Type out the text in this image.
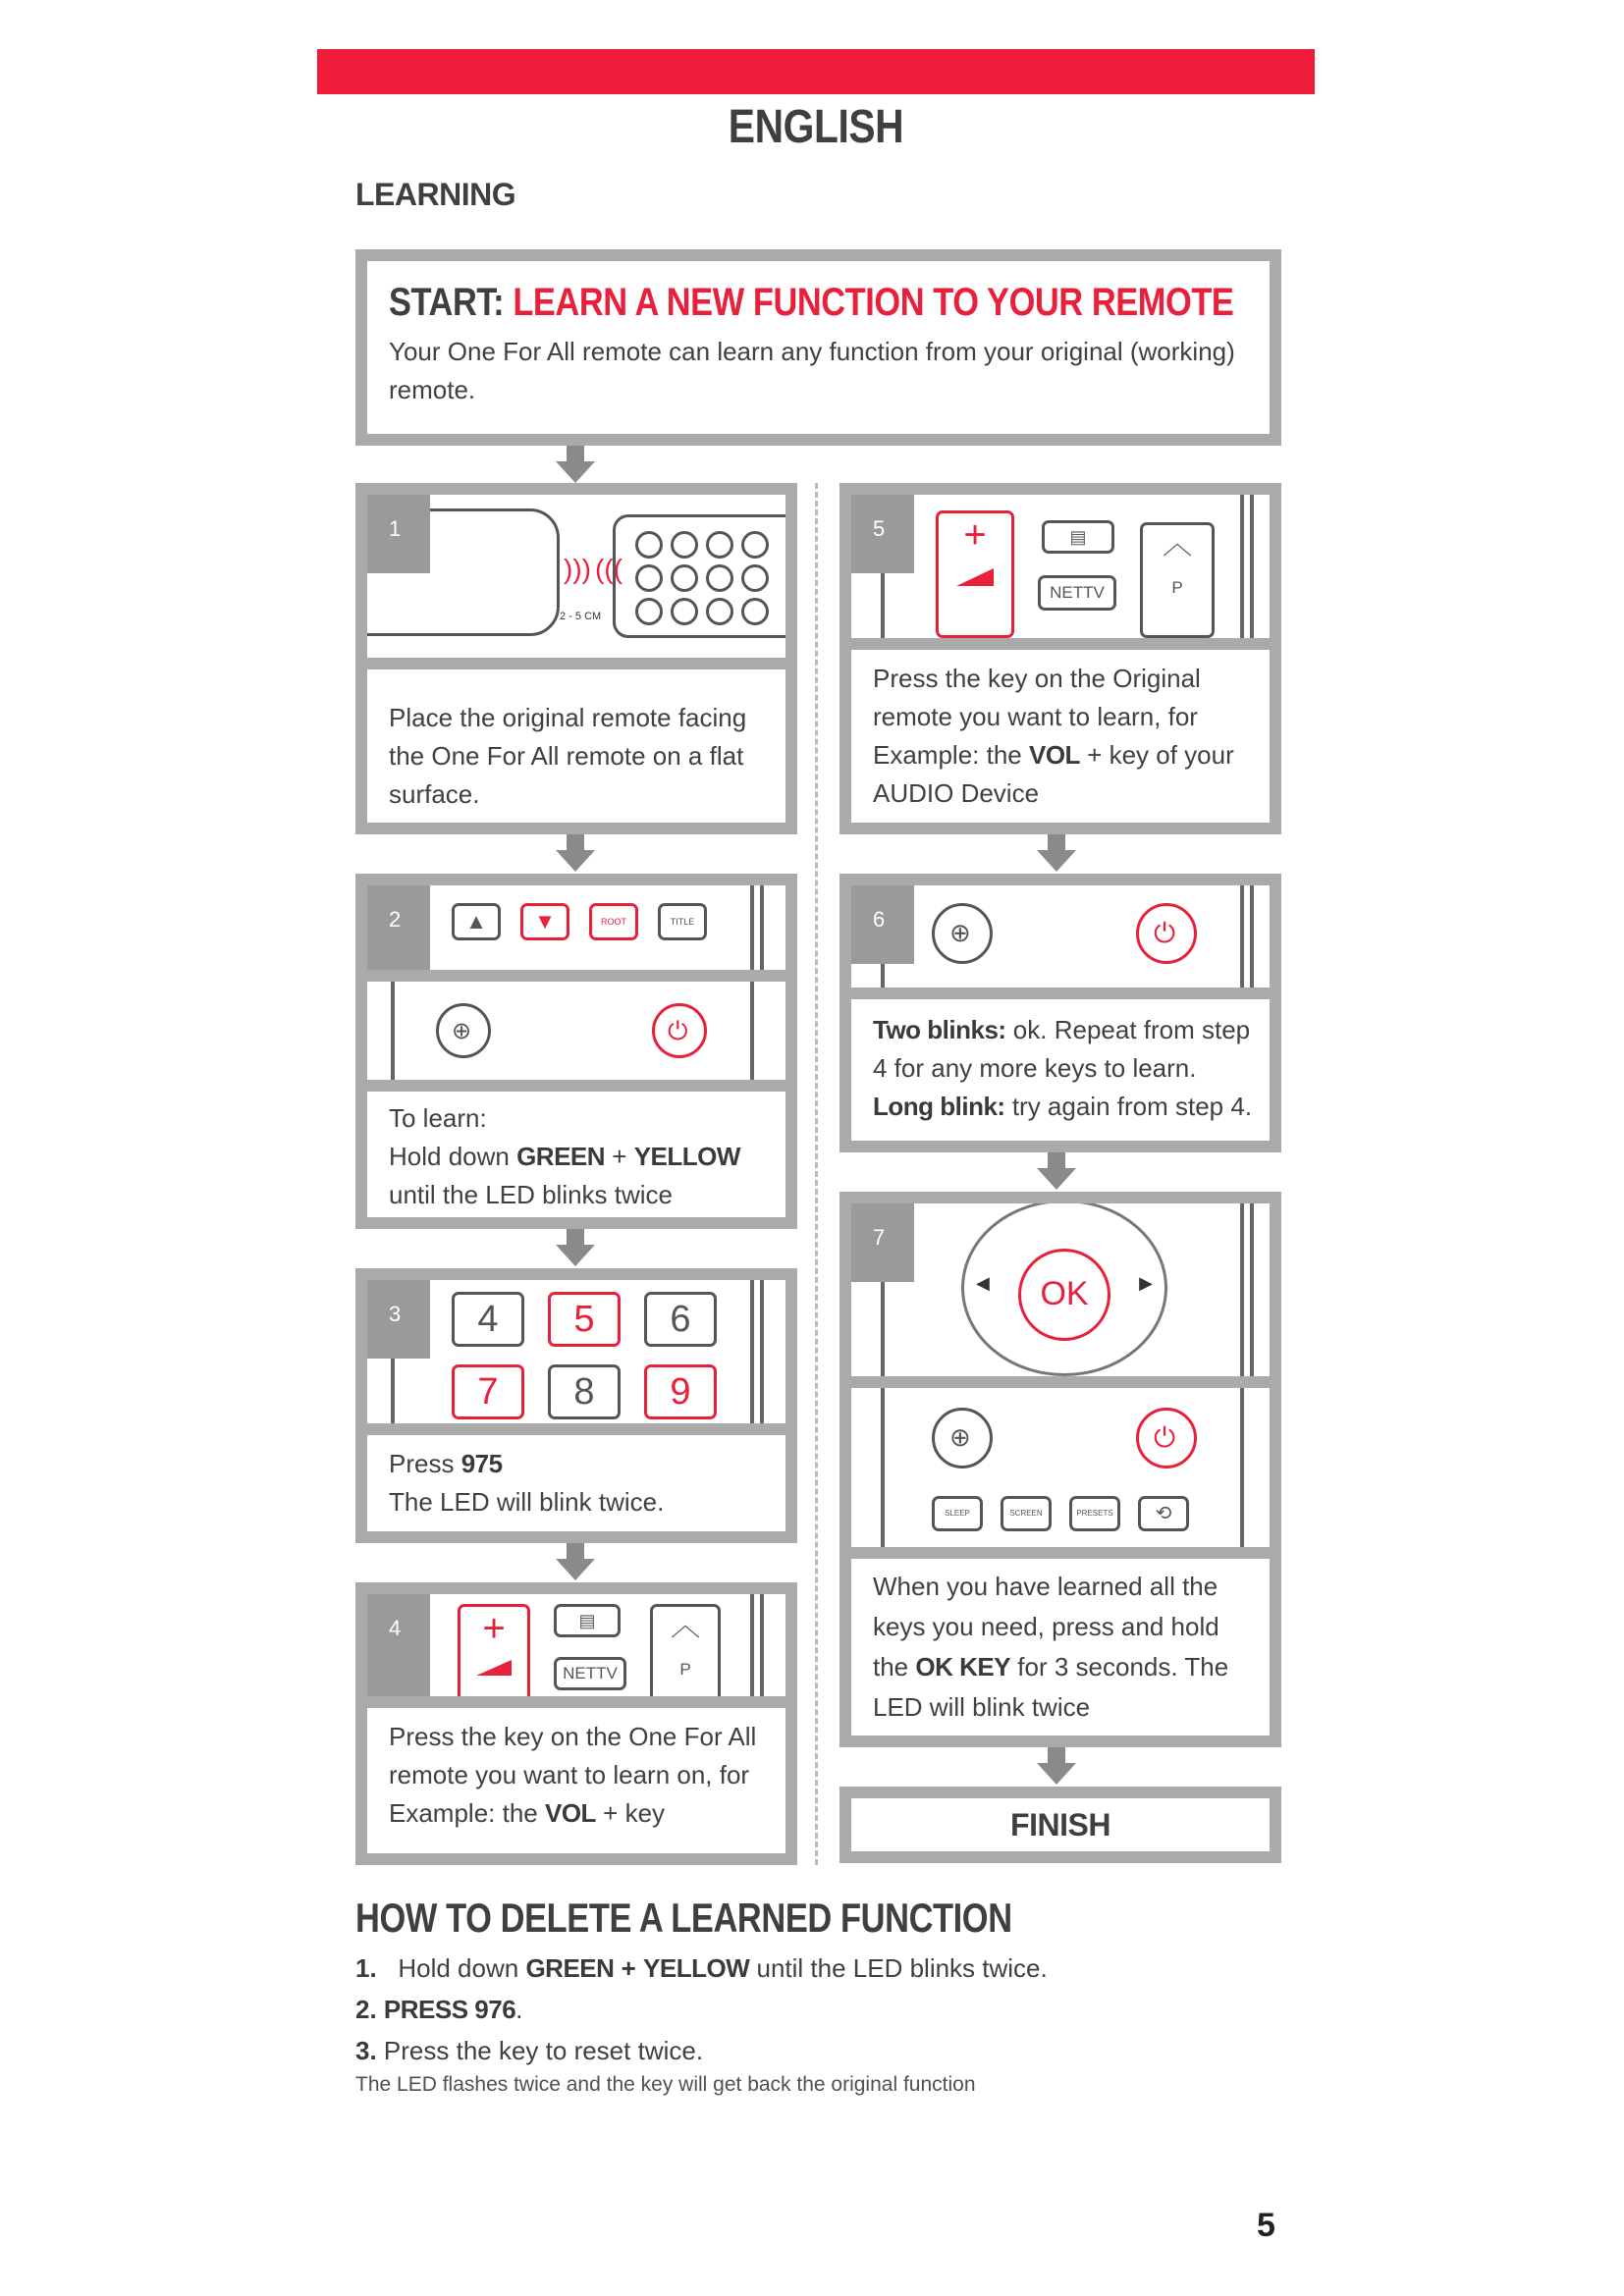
ENGLISH
LEARNING
START: LEARN A NEW FUNCTION TO YOUR REMOTE
Your One For All remote can learn any function from your original (working) remote.
1
))) )))
2 - 5 CM
Place the original remote facing the One For All remote on a flat surface.
2	▲	▼	ROOT	TITLE
⊕	⏻
To learn:
Hold down GREEN + YELLOW until the LED blinks twice
3	4	5	6
7	8	9
Press 975
The LED will blink twice.
4	+	▤
NETTV
︿
P
Press the key on the One For All remote you want to learn on, for Example: the VOL + key
5	+	▤
NETTV
︿
P
Press the key on the Original remote you want to learn, for Example: the VOL + key of your AUDIO Device
6	⊕	⏻
Two blinks: ok. Repeat from step 4 for any more keys to learn.
Long blink: try again from step 4.
7
◀	▶
OK
⊕	⏻
SLEEP	SCREEN	PRESETS	⟲
When you have learned all the keys you need, press and hold the OK KEY for 3 seconds. The LED will blink twice
FINISH
HOW TO DELETE A LEARNED FUNCTION
1. Hold down GREEN + YELLOW until the LED blinks twice.
2. PRESS 976.
3. Press the key to reset twice.
The LED flashes twice and the key will get back the original function
5
